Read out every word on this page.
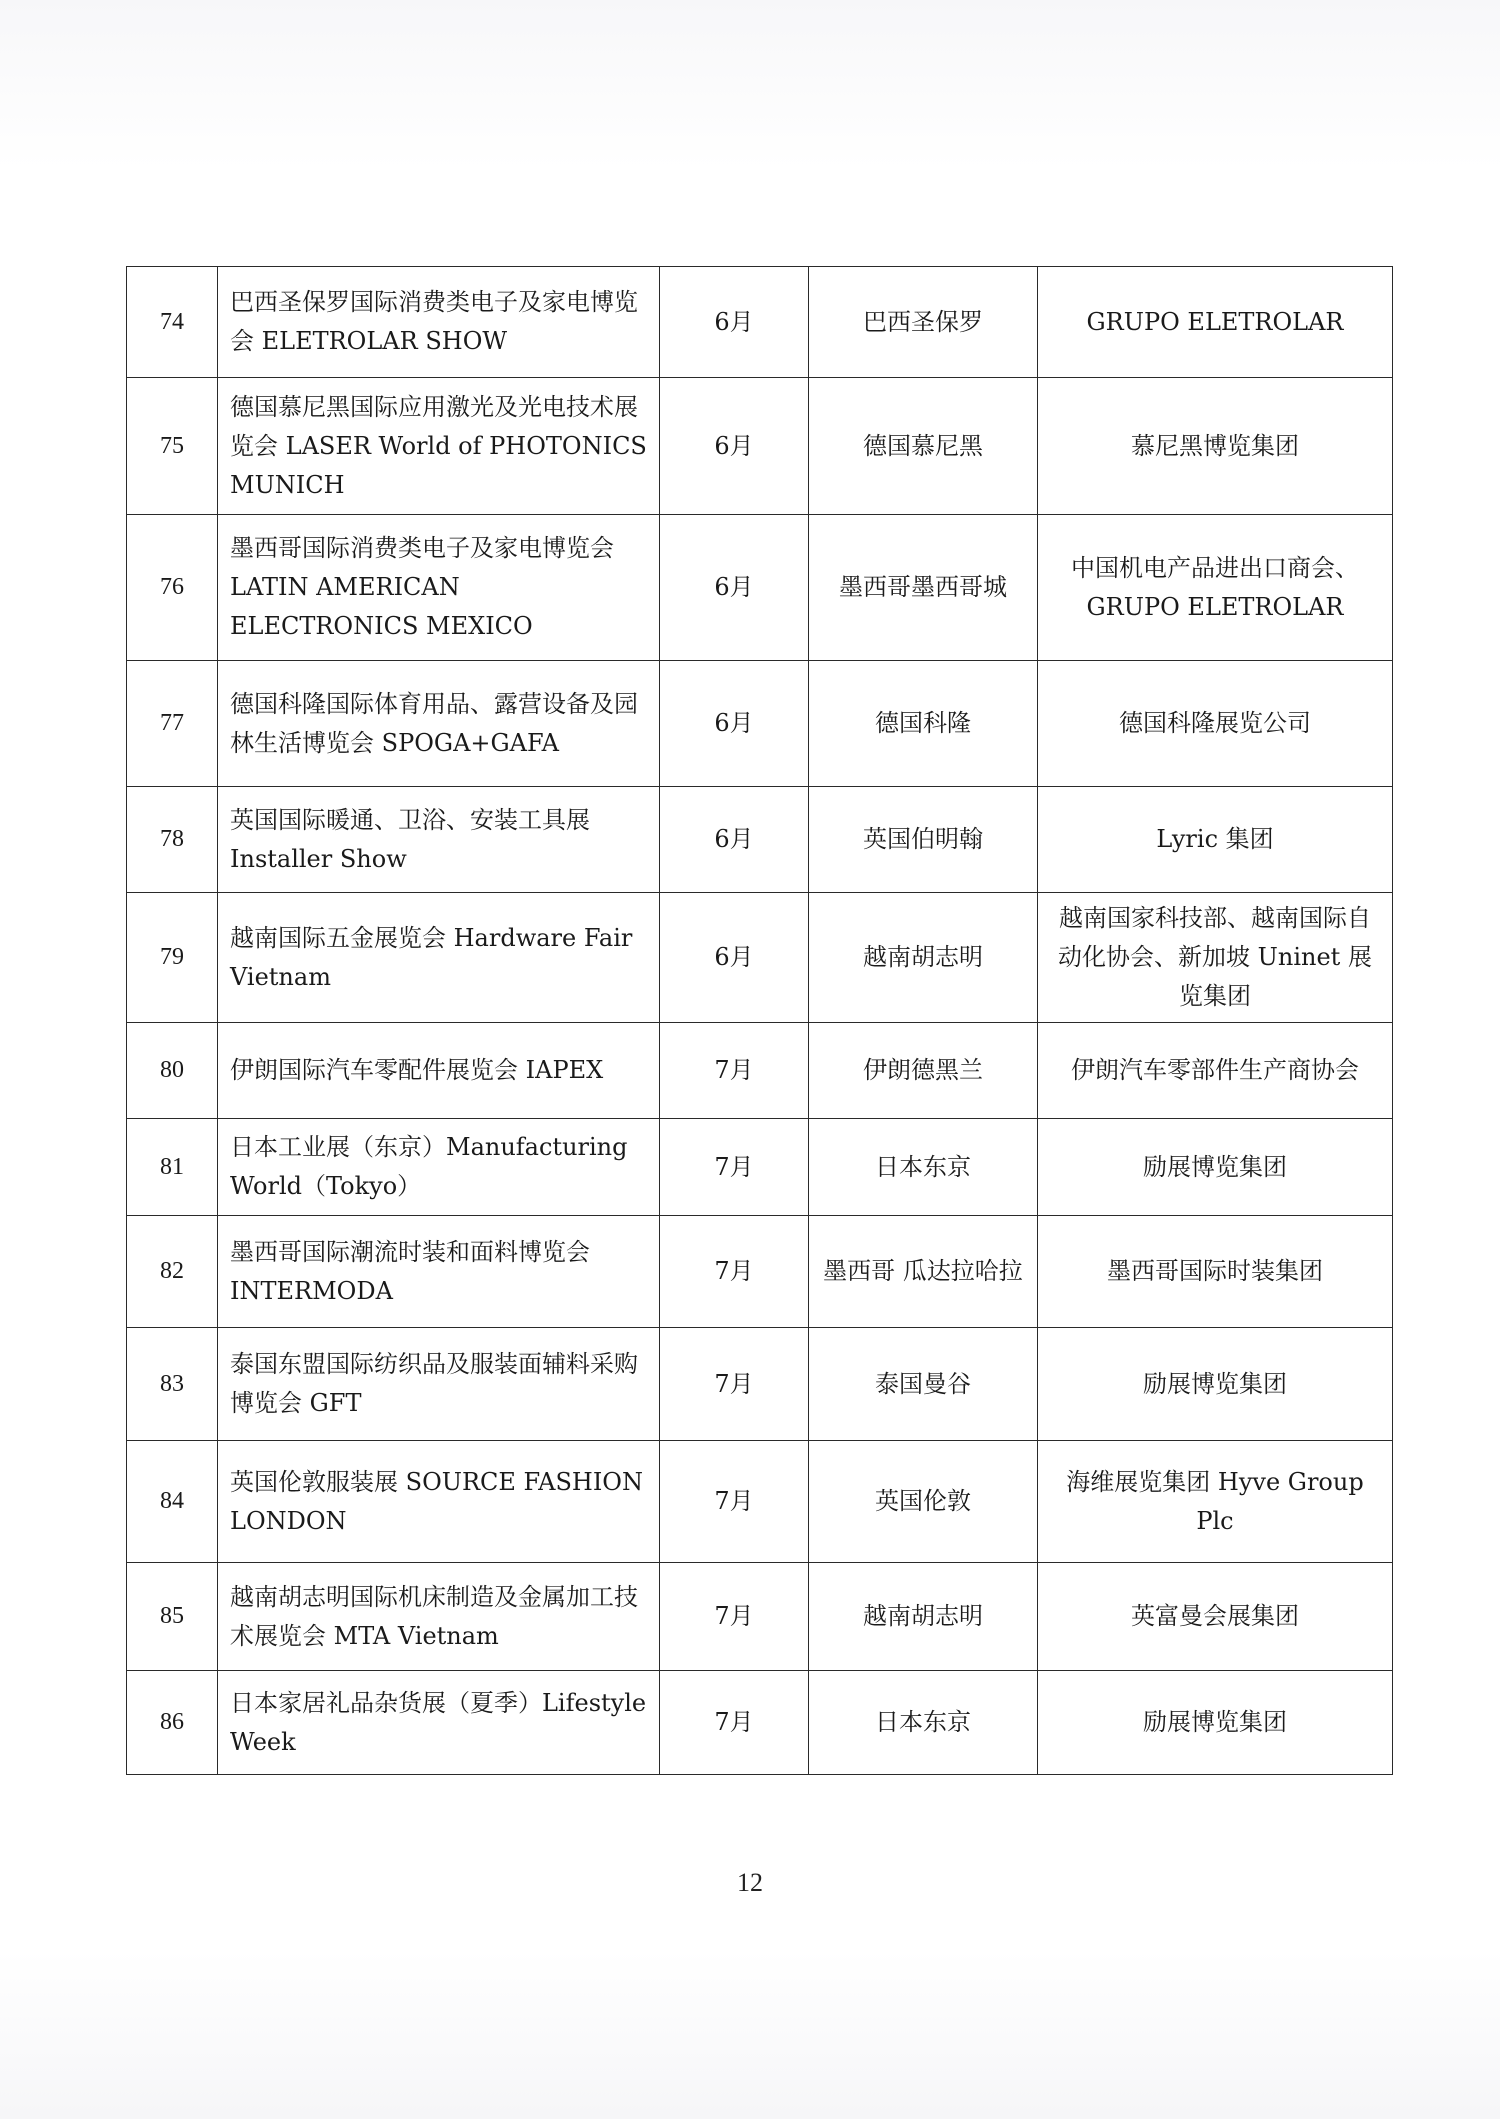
74	巴西圣保罗国际消费类电子及家电博览会 ELETROLAR SHOW	6月	巴西圣保罗	GRUPO ELETROLAR
75	德国慕尼黑国际应用激光及光电技术展览会 LASER World of PHOTONICS MUNICH	6月	德国慕尼黑	慕尼黑博览集团
76	墨西哥国际消费类电子及家电博览会 LATIN AMERICAN ELECTRONICS MEXICO	6月	墨西哥墨西哥城	中国机电产品进出口商会、GRUPO ELETROLAR
77	德国科隆国际体育用品、露营设备及园林生活博览会 SPOGA+GAFA	6月	德国科隆	德国科隆展览公司
78	英国国际暖通、卫浴、安装工具展 Installer Show	6月	英国伯明翰	Lyric 集团
79	越南国际五金展览会 Hardware Fair Vietnam	6月	越南胡志明	越南国家科技部、越南国际自动化协会、新加坡 Uninet 展览集团
80	伊朗国际汽车零配件展览会 IAPEX	7月	伊朗德黑兰	伊朗汽车零部件生产商协会
81	日本工业展（东京）Manufacturing World（Tokyo）	7月	日本东京	励展博览集团
82	墨西哥国际潮流时装和面料博览会 INTERMODA	7月	墨西哥 瓜达拉哈拉	墨西哥国际时装集团
83	泰国东盟国际纺织品及服装面辅料采购博览会 GFT	7月	泰国曼谷	励展博览集团
84	英国伦敦服装展 SOURCE FASHION LONDON	7月	英国伦敦	海维展览集团 Hyve Group Plc
85	越南胡志明国际机床制造及金属加工技术展览会 MTA Vietnam	7月	越南胡志明	英富曼会展集团
86	日本家居礼品杂货展（夏季）Lifestyle Week	7月	日本东京	励展博览集团
12
